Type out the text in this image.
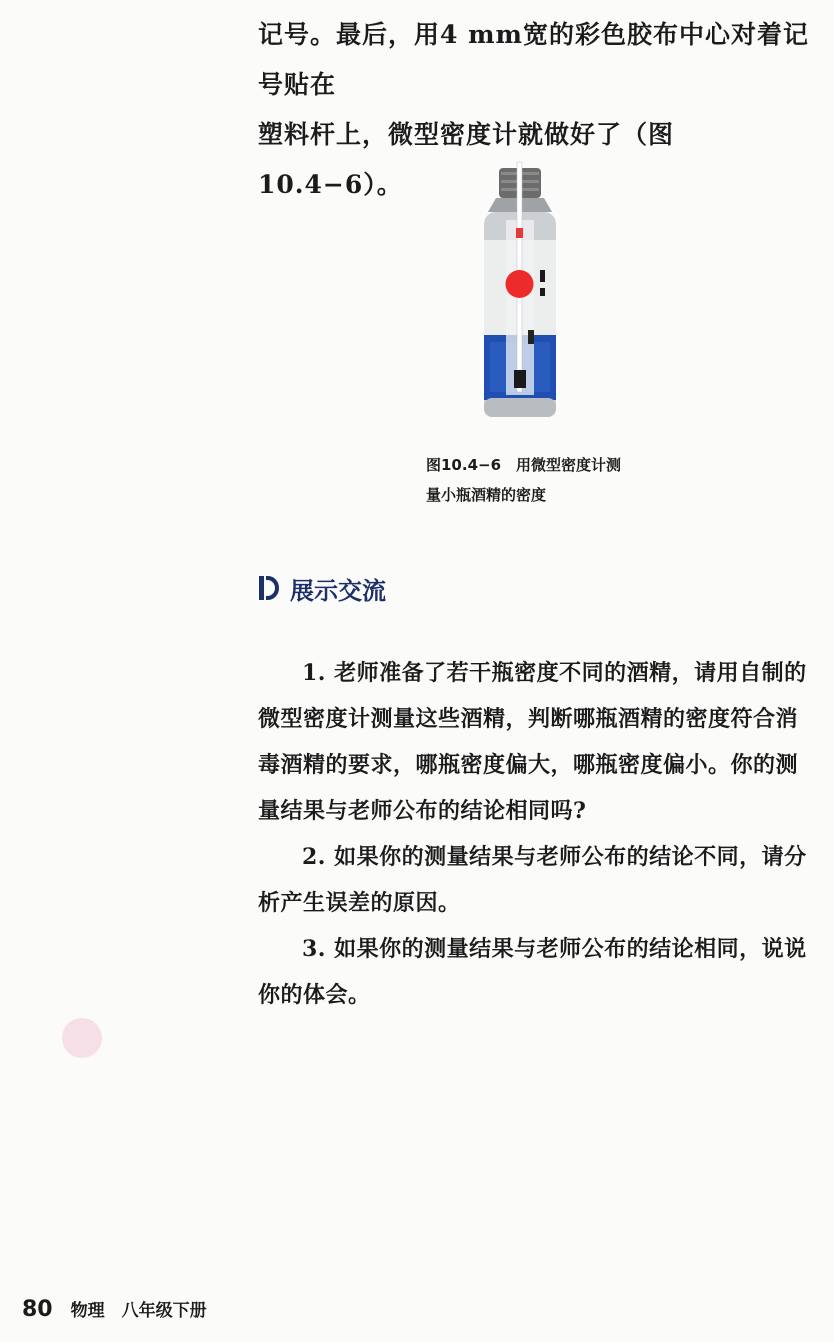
记号。最后，用4 mm宽的彩色胶布中心对着记号贴在
塑料杆上，微型密度计就做好了（图10.4−6）。
图10.4−6　用微型密度计测
量小瓶酒精的密度
展示交流

1. 老师准备了若干瓶密度不同的酒精，请用自制的微型密度计测量这些酒精，判断哪瓶酒精的密度符合消毒酒精的要求，哪瓶密度偏大，哪瓶密度偏小。你的测量结果与老师公布的结论相同吗?

2. 如果你的测量结果与老师公布的结论不同，请分析产生误差的原因。

3. 如果你的测量结果与老师公布的结论相同，说说你的体会。

80 物理　八年级下册
